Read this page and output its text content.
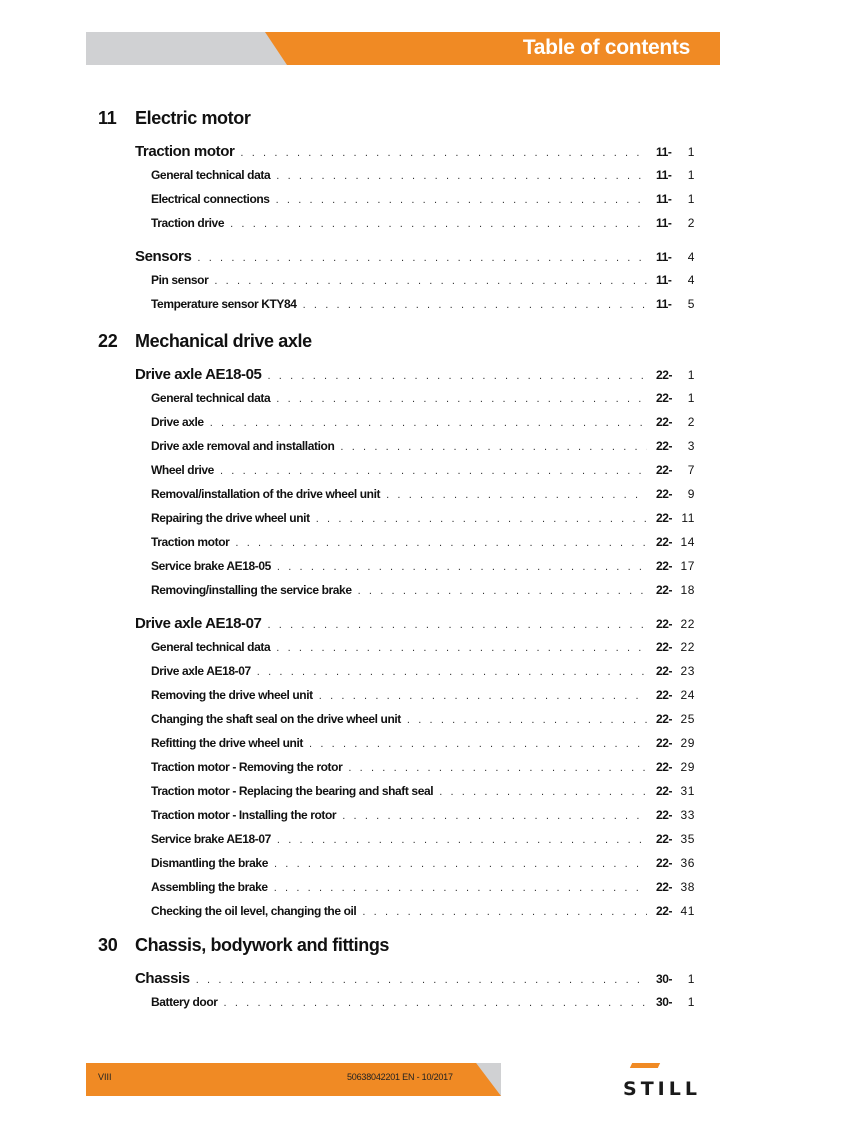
Table of contents
11 Electric motor
Traction motor . . .	11-	1
General technical data . . .	11-	1
Electrical connections . . .	11-	1
Traction drive . . .	11-	2
Sensors . . .	11-	4
Pin sensor . . .	11-	4
Temperature sensor KTY84 . . .	11-	5
22 Mechanical drive axle
Drive axle AE18-05 . . .	22-	1
General technical data . . .	22-	1
Drive axle . . .	22-	2
Drive axle removal and installation . . .	22-	3
Wheel drive . . .	22-	7
Removal/installation of the drive wheel unit . . .	22-	9
Repairing the drive wheel unit . . .	22- 11
Traction motor . . .	22- 14
Service brake AE18-05 . . .	22- 17
Removing/installing the service brake . . .	22- 18
Drive axle AE18-07 . . .	22- 22
General technical data . . .	22- 22
Drive axle AE18-07 . . .	22- 23
Removing the drive wheel unit . . .	22- 24
Changing the shaft seal on the drive wheel unit . . .	22- 25
Refitting the drive wheel unit . . .	22- 29
Traction motor - Removing the rotor . . .	22- 29
Traction motor - Replacing the bearing and shaft seal . . .	22- 31
Traction motor - Installing the rotor . . .	22- 33
Service brake AE18-07 . . .	22- 35
Dismantling the brake . . .	22- 36
Assembling the brake . . .	22- 38
Checking the oil level, changing the oil . . .	22- 41
30 Chassis, bodywork and fittings
Chassis . . .	30-	1
Battery door . . .	30-	1
VIII	50638042201 EN - 10/2017
STILL
